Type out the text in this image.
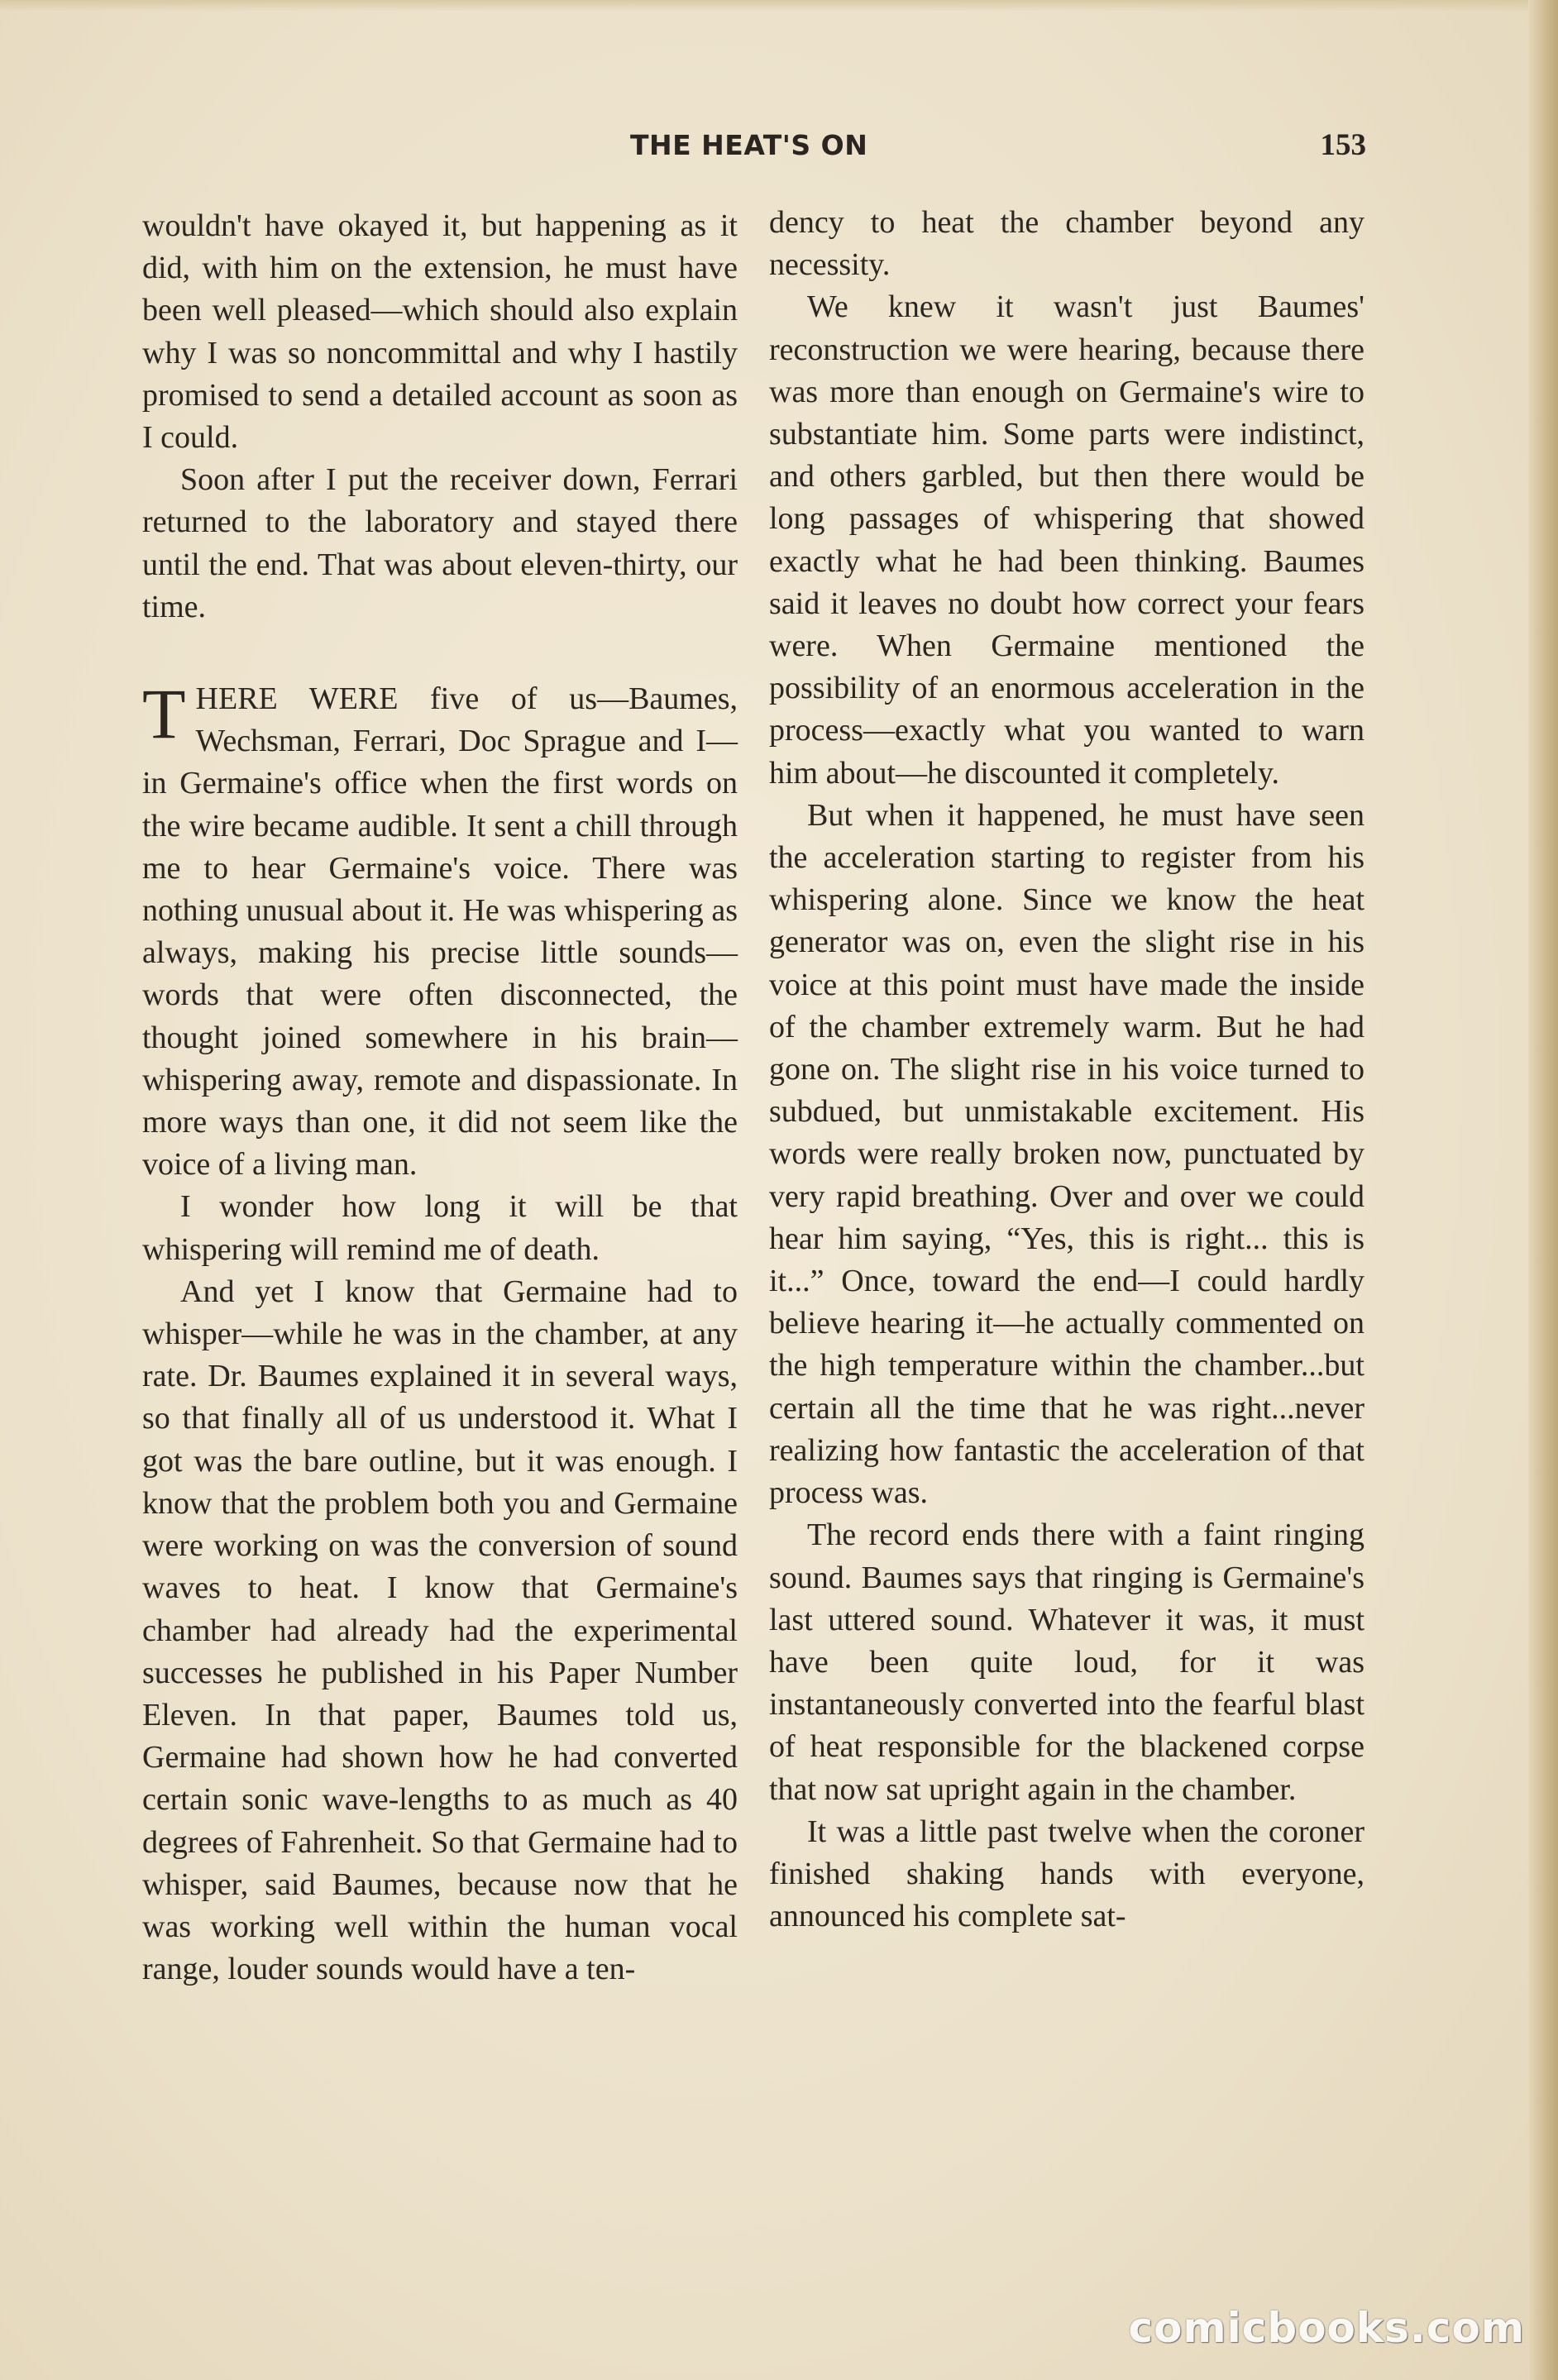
THE HEAT'S ON	153

wouldn't have okayed it, but happening as it did, with him on the extension, he must have been well pleased—which should also explain why I was so noncommittal and why I hastily promised to send a detailed account as soon as I could.

Soon after I put the receiver down, Ferrari returned to the laboratory and stayed there until the end. That was about eleven-thirty, our time.

THERE WERE five of us—Baumes, Wechsman, Ferrari, Doc Sprague and I—in Germaine's office when the first words on the wire became audible. It sent a chill through me to hear Germaine's voice. There was nothing unusual about it. He was whispering as always, making his precise little sounds—words that were often disconnected, the thought joined somewhere in his brain—whispering away, remote and dispassionate. In more ways than one, it did not seem like the voice of a living man.

I wonder how long it will be that whispering will remind me of death.

And yet I know that Germaine had to whisper—while he was in the chamber, at any rate. Dr. Baumes explained it in several ways, so that finally all of us understood it. What I got was the bare outline, but it was enough. I know that the problem both you and Germaine were working on was the conversion of sound waves to heat. I know that Germaine's chamber had already had the experimental successes he published in his Paper Number Eleven. In that paper, Baumes told us, Germaine had shown how he had converted certain sonic wave-lengths to as much as 40 degrees of Fahrenheit. So that Germaine had to whisper, said Baumes, because now that he was working well within the human vocal range, louder sounds would have a ten-

dency to heat the chamber beyond any necessity.

We knew it wasn't just Baumes' reconstruction we were hearing, because there was more than enough on Germaine's wire to substantiate him. Some parts were indistinct, and others garbled, but then there would be long passages of whispering that showed exactly what he had been thinking. Baumes said it leaves no doubt how correct your fears were. When Germaine mentioned the possibility of an enormous acceleration in the process—exactly what you wanted to warn him about—he discounted it completely.

But when it happened, he must have seen the acceleration starting to register from his whispering alone. Since we know the heat generator was on, even the slight rise in his voice at this point must have made the inside of the chamber extremely warm. But he had gone on. The slight rise in his voice turned to subdued, but unmistakable excitement. His words were really broken now, punctuated by very rapid breathing. Over and over we could hear him saying, “Yes, this is right... this is it...” Once, toward the end—I could hardly believe hearing it—he actually commented on the high temperature within the chamber...but certain all the time that he was right...never realizing how fantastic the acceleration of that process was.

The record ends there with a faint ringing sound. Baumes says that ringing is Germaine's last uttered sound. Whatever it was, it must have been quite loud, for it was instantaneously converted into the fearful blast of heat responsible for the blackened corpse that now sat upright again in the chamber.

It was a little past twelve when the coroner finished shaking hands with everyone, announced his complete sat-

comicbooks.com
